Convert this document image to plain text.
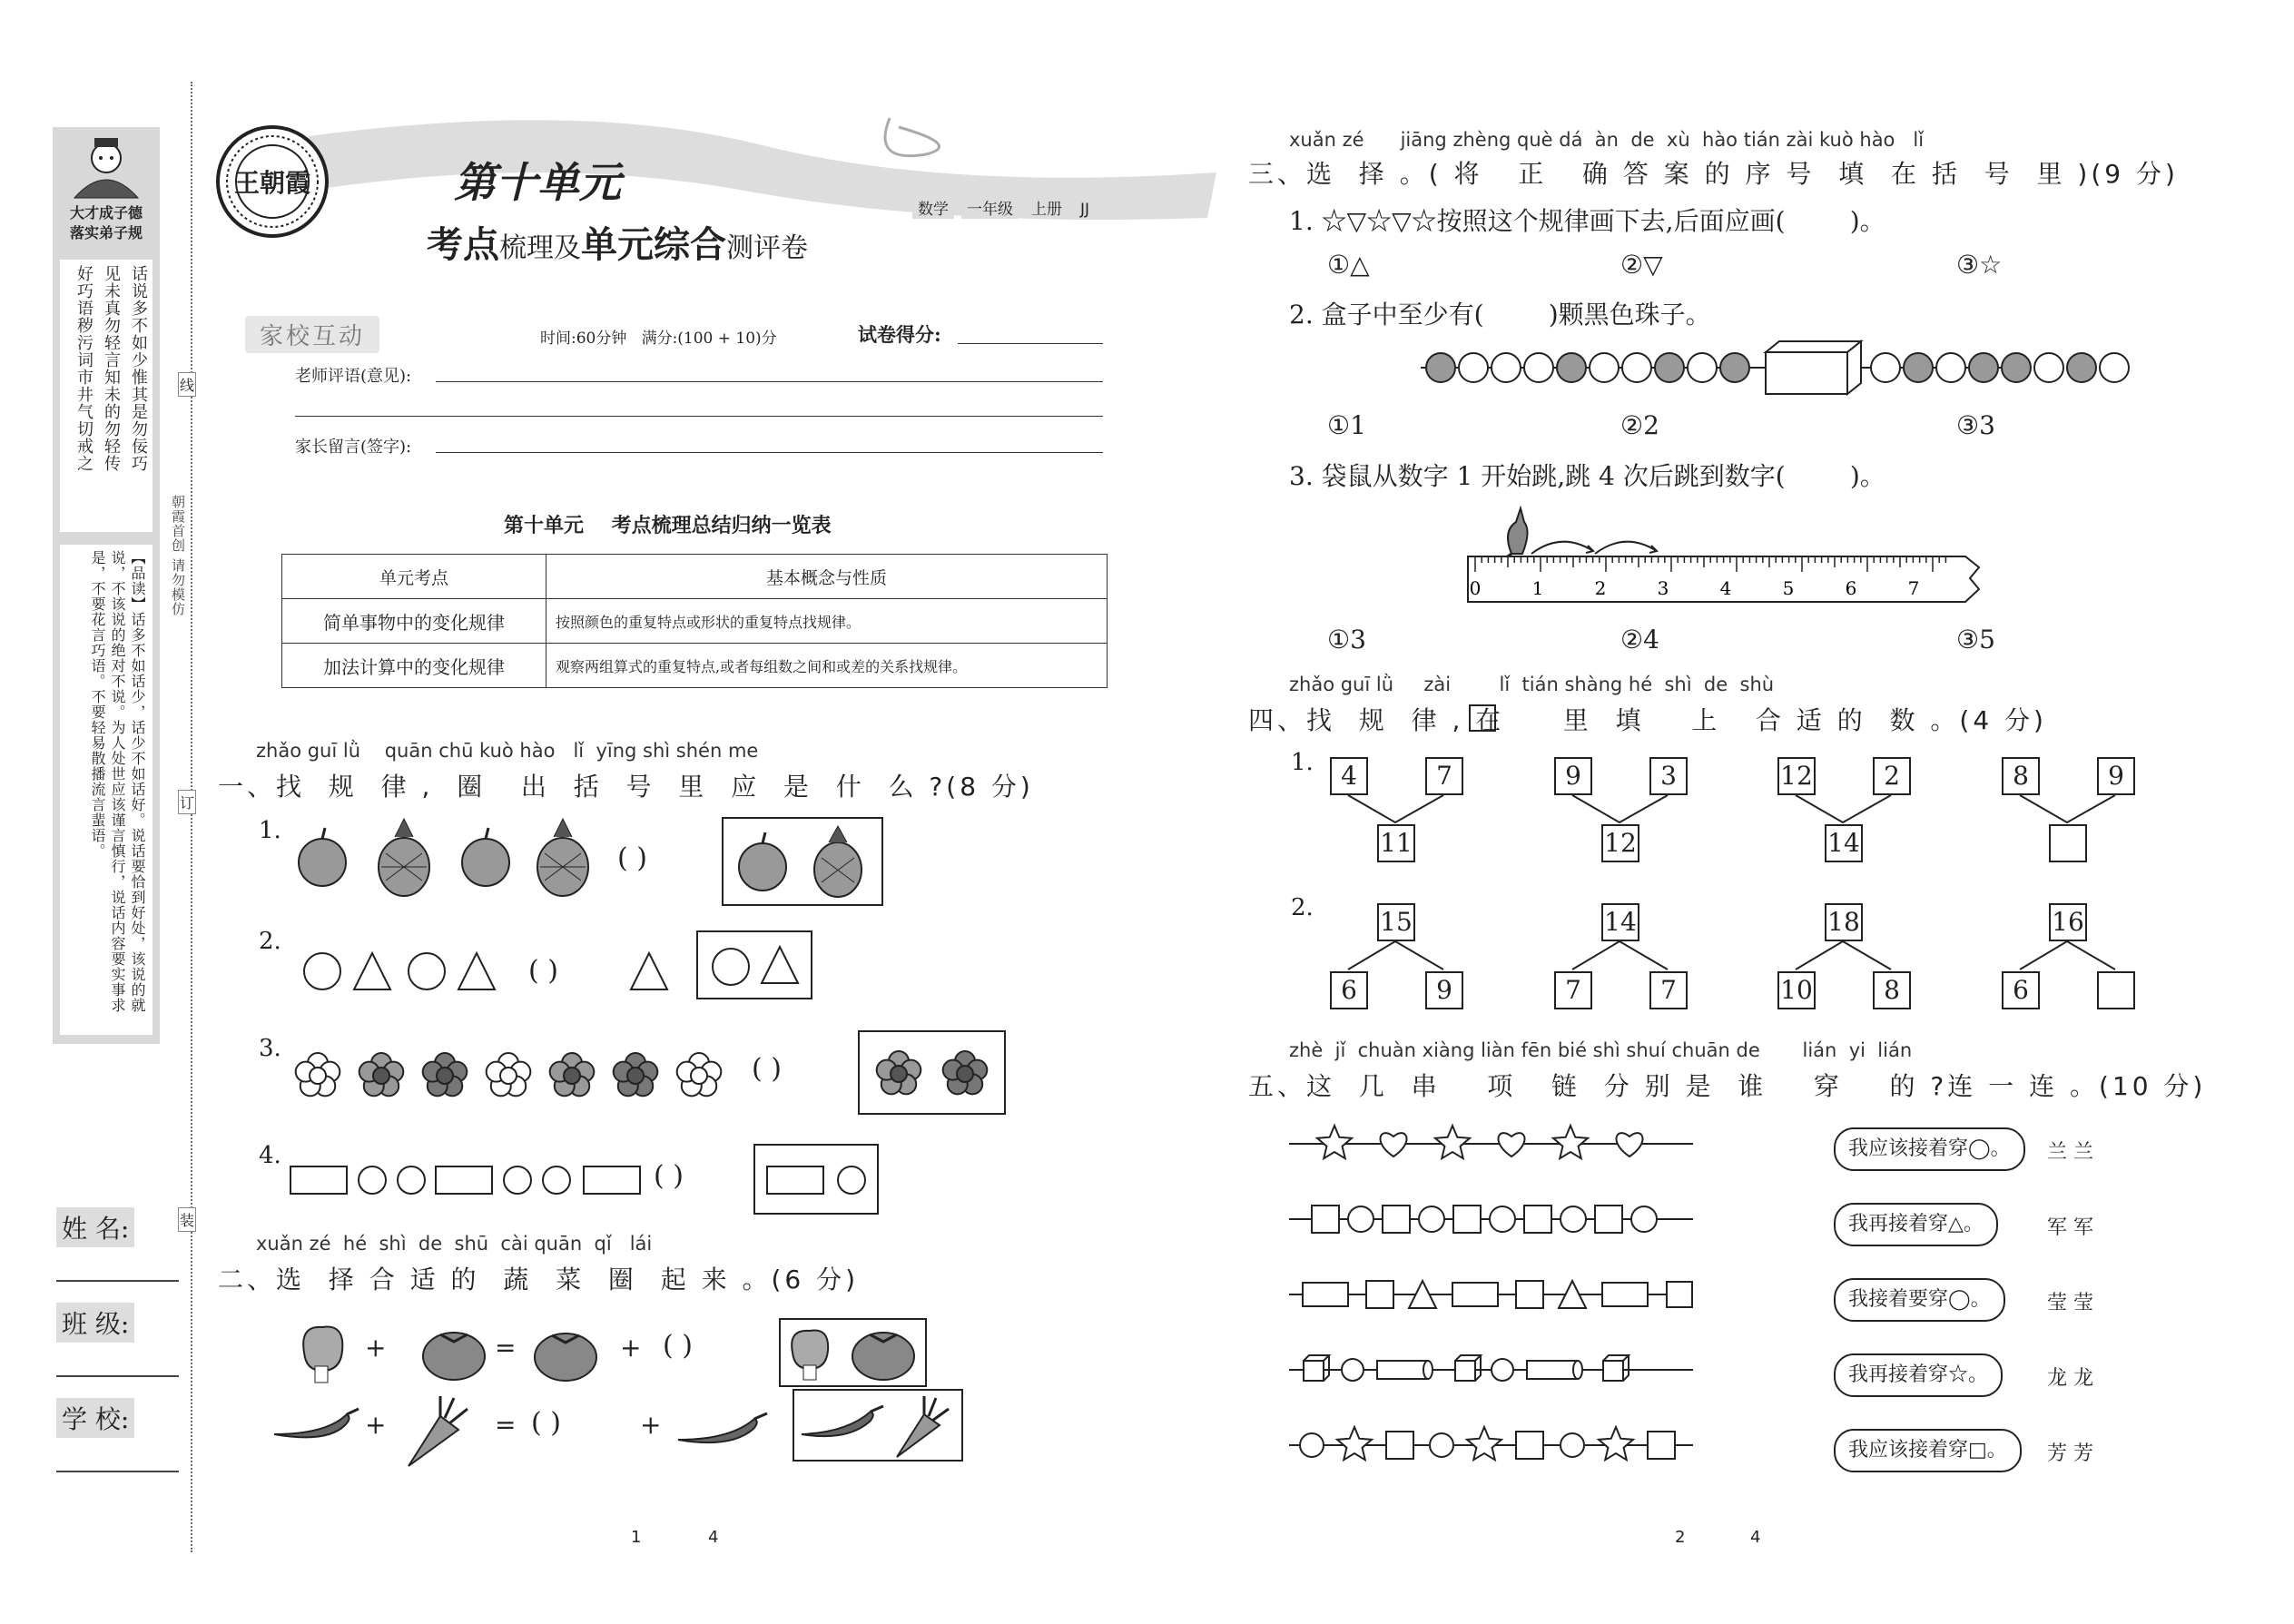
大才成子德
落实弟子规
话说多不如少惟其是勿佞巧
见未真勿轻言知未的勿轻传
好巧语秽污词市井气切戒之
【品读】话多不如话少，话少不如话好。说话要恰到好处，该说的就说，不该说的绝对不说。为人处世应该谨言慎行，说话内容要实事求是，不要花言巧语。不要轻易散播流言蜚语。
线
订
装
朝霞首创 请勿模仿
姓 名:
班 级:
学 校:
王朝霞	第十单元
考点梳理及单元综合测评卷
数学 一年级 上册 JJ
家校互动	时间:60分钟   满分:(100 + 10)分	试卷得分:
老师评语(意见):
家长留言(签字):
第十单元    考点梳理总结归纳一览表
单元考点	基本概念与性质
简单事物中的变化规律	按照颜色的重复特点或形状的重复特点找规律。
加法计算中的变化规律	观察两组算式的重复特点,或者每组数之间和或差的关系找规律。
zhǎo guī lǜ    quān chū kuò hào   lǐ  yīng shì shén me
一、找  规  律 ,  圈   出  括  号  里  应  是  什  么 ?(8 分)
1.
( )
2.
( )
3.
( )
4.
( )
xuǎn zé  hé  shì  de  shū  cài quān  qǐ   lái
二、选  择 合 适 的  蔬  菜  圈  起 来 。(6 分)
+	=	+ ( )
+	= ( )	+
1	4	2	4
xuǎn zé      jiāng zhèng què dá  àn  de  xù  hào tián zài kuò hào   lǐ
三、选  择 。( 将   正   确 答 案 的 序 号  填  在 括  号  里 )(9 分)
1. ☆▽☆▽☆按照这个规律画下去,后面应画(        )。
①△	②▽	③☆
2. 盒子中至少有(        )颗黑色珠子。
①1	②2	③3
3. 袋鼠从数字 1 开始跳,跳 4 次后跳到数字(        )。
0	1	2	3	4	5	6	7
①3	②4	③5
zhǎo guī lǜ     zài        lǐ  tián shàng hé  shì  de  shù
四、找  规  律 , 在     里  填    上   合 适 的  数 。(4 分)
1.
2.
4	7
11
9	3
12
12	2
14
8	9
15
6	9
14
7	7
18
10	8
16
6
zhè  jǐ  chuàn xiàng liàn fēn bié shì shuí chuān de       lián  yi  lián
五、这  几  串    项   链  分 别 是  谁    穿    的 ?连 一 连 。(10 分)
我应该接着穿◯。
我再接着穿△。
我接着要穿◯。
我再接着穿☆。
我应该接着穿□。
兰 兰
军 军
莹 莹
龙 龙
芳 芳
